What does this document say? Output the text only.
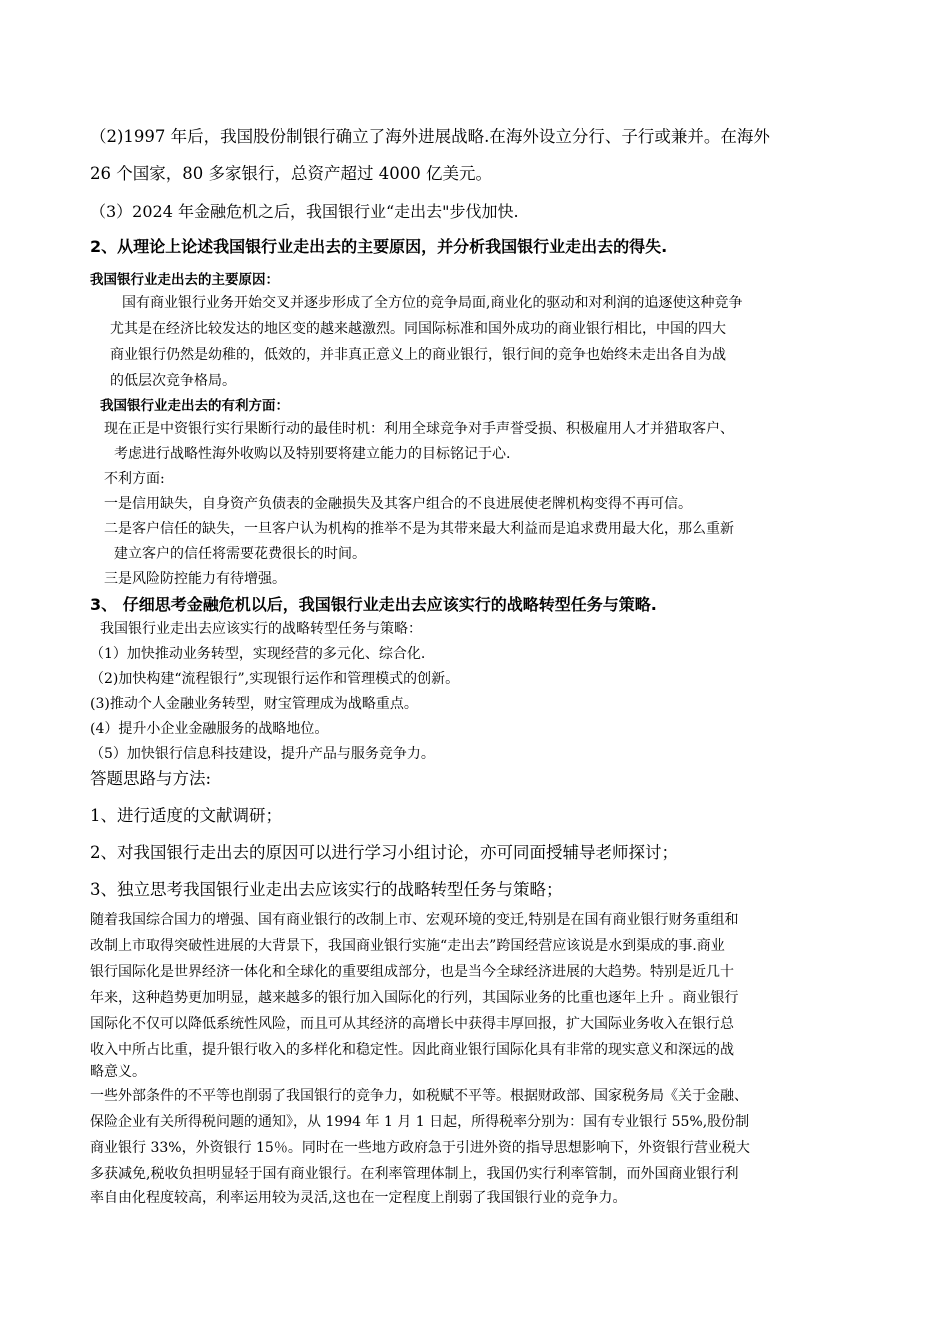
（2)1997 年后，我国股份制银行确立了海外进展战略.在海外设立分行、子行或兼并。在海外
26 个国家，80 多家银行，总资产超过 4000 亿美元。
（3）2024 年金融危机之后，我国银行业“走出去"步伐加快.
2、从理论上论述我国银行业走出去的主要原因，并分析我国银行业走出去的得失.
我国银行业走出去的主要原因：
国有商业银行业务开始交叉并逐步形成了全方位的竞争局面,商业化的驱动和对利润的追逐使这种竞争
尤其是在经济比较发达的地区变的越来越激烈。同国际标准和国外成功的商业银行相比，中国的四大
商业银行仍然是幼稚的，低效的，并非真正意义上的商业银行，银行间的竞争也始终未走出各自为战
的低层次竞争格局。
我国银行业走出去的有利方面：
现在正是中资银行实行果断行动的最佳时机：利用全球竞争对手声誉受损、积极雇用人才并猎取客户、
考虑进行战略性海外收购以及特别要将建立能力的目标铭记于心.
不利方面:
一是信用缺失，自身资产负债表的金融损失及其客户组合的不良进展使老牌机构变得不再可信。
二是客户信任的缺失，一旦客户认为机构的推举不是为其带来最大利益而是追求费用最大化，那么重新
建立客户的信任将需要花费很长的时间。
三是风险防控能力有待增强。
3、 仔细思考金融危机以后，我国银行业走出去应该实行的战略转型任务与策略.
我国银行业走出去应该实行的战略转型任务与策略：
（1）加快推动业务转型，实现经营的多元化、综合化.
（2)加快构建“流程银行”,实现银行运作和管理模式的创新。
(3)推动个人金融业务转型，财宝管理成为战略重点。
(4）提升小企业金融服务的战略地位。
（5）加快银行信息科技建设，提升产品与服务竞争力。
答题思路与方法:
1、进行适度的文献调研；
2、对我国银行走出去的原因可以进行学习小组讨论，亦可同面授辅导老师探讨；
3、独立思考我国银行业走出去应该实行的战略转型任务与策略；
随着我国综合国力的增强、国有商业银行的改制上市、宏观环境的变迁,特别是在国有商业银行财务重组和
改制上市取得突破性进展的大背景下，我国商业银行实施“走出去”跨国经营应该说是水到渠成的事.商业
银行国际化是世界经济一体化和全球化的重要组成部分，也是当今全球经济进展的大趋势。特别是近几十
年来，这种趋势更加明显，越来越多的银行加入国际化的行列，其国际业务的比重也逐年上升 。商业银行
国际化不仅可以降低系统性风险，而且可从其经济的高增长中获得丰厚回报，扩大国际业务收入在银行总
收入中所占比重，提升银行收入的多样化和稳定性。因此商业银行国际化具有非常的现实意义和深远的战
略意义。
一些外部条件的不平等也削弱了我国银行的竞争力，如税赋不平等。根据财政部、国家税务局《关于金融、
保险企业有关所得税问题的通知》，从 1994 年 1 月 1 日起，所得税率分别为：国有专业银行 55%,股份制
商业银行 33%，外资银行 15％。同时在一些地方政府急于引进外资的指导思想影响下，外资银行营业税大
多获减免,税收负担明显轻于国有商业银行。在利率管理体制上，我国仍实行利率管制，而外国商业银行利
率自由化程度较高，利率运用较为灵活,这也在一定程度上削弱了我国银行业的竞争力。
